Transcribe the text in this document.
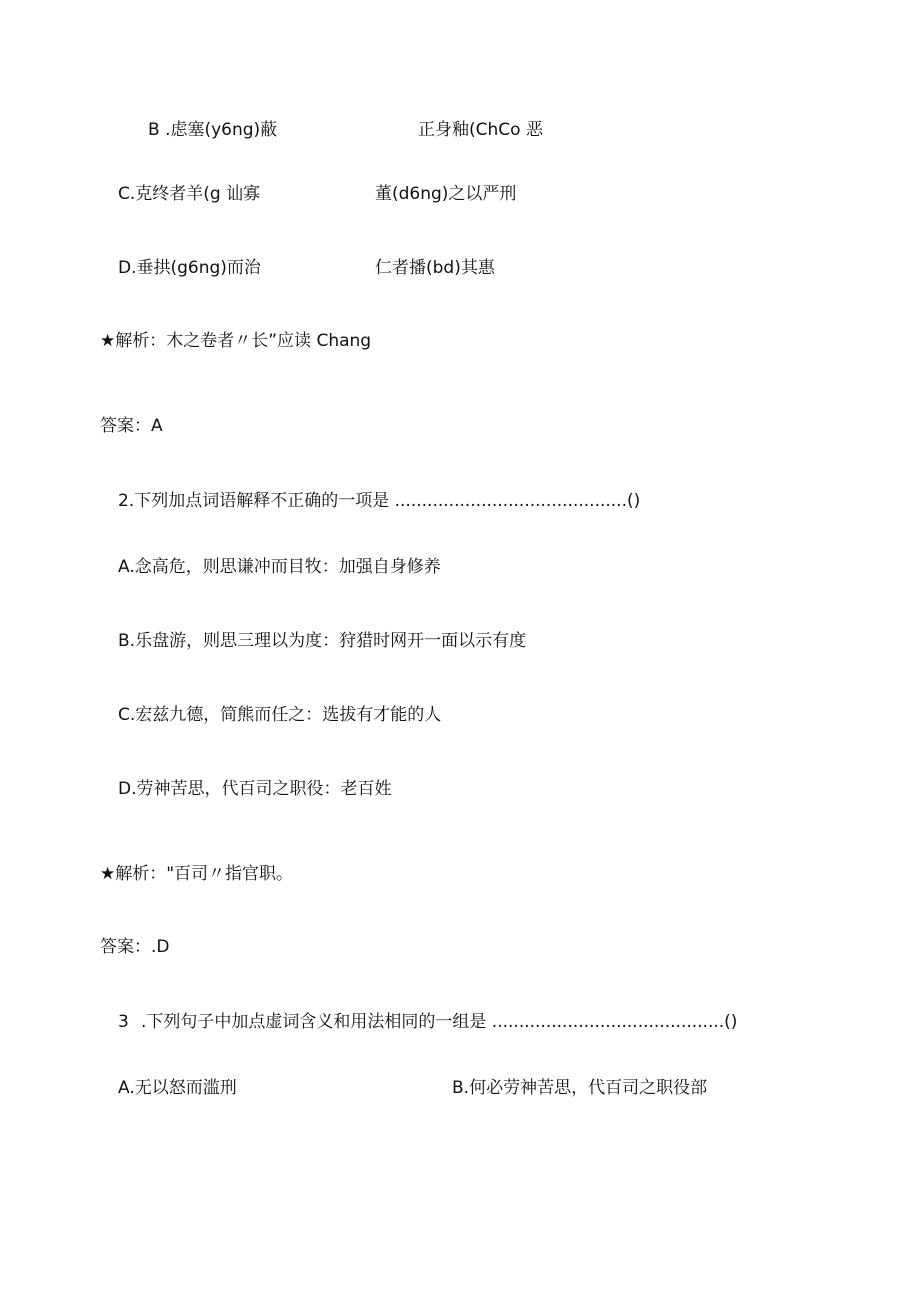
B .虑塞(y6ng)蔽	正身釉(ChCo 恶
C.克终者羊(g 讪寡	董(d6ng)之以严刑
D.垂拱(g6ng)而治	仁者播(bd)其惠
★解析：木之卷者〃长”应读 Chang
答案：A
2.下列加点词语解释不正确的一项是 ...........................................()
A.念高危，则思谦冲而目牧：加强自身修养
B.乐盘游，则思三理以为度：狩猎时网开一面以示有度
C.宏兹九德，简熊而任之：选拔有才能的人
D.劳神苦思，代百司之职役：老百姓
★解析："百司〃指官职。
答案：.D
3 .下列句子中加点虚词含义和用法相同的一组是 ...........................................()
A.无以怒而滥刑	B.何必劳神苦思，代百司之职役部
